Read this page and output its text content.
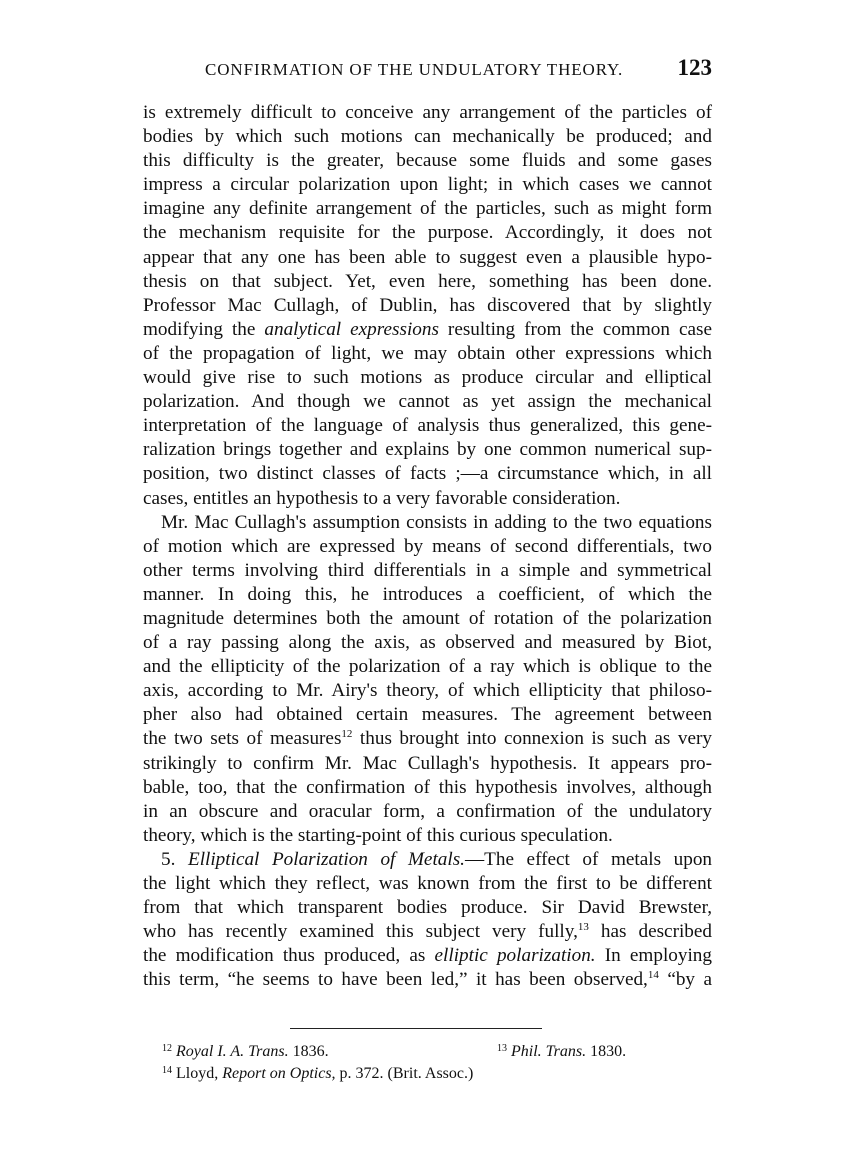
CONFIRMATION OF THE UNDULATORY THEORY. 123
is extremely difficult to conceive any arrangement of the particles of
bodies by which such motions can mechanically be produced; and
this difficulty is the greater, because some fluids and some gases
impress a circular polarization upon light; in which cases we cannot
imagine any definite arrangement of the particles, such as might form
the mechanism requisite for the purpose. Accordingly, it does not
appear that any one has been able to suggest even a plausible hypo-
thesis on that subject. Yet, even here, something has been done.
Professor Mac Cullagh, of Dublin, has discovered that by slightly
modifying the analytical expressions resulting from the common case
of the propagation of light, we may obtain other expressions which
would give rise to such motions as produce circular and elliptical
polarization. And though we cannot as yet assign the mechanical
interpretation of the language of analysis thus generalized, this gene-
ralization brings together and explains by one common numerical sup-
position, two distinct classes of facts ;—a circumstance which, in all
cases, entitles an hypothesis to a very favorable consideration.
Mr. Mac Cullagh's assumption consists in adding to the two equations
of motion which are expressed by means of second differentials, two
other terms involving third differentials in a simple and symmetrical
manner. In doing this, he introduces a coefficient, of which the
magnitude determines both the amount of rotation of the polarization
of a ray passing along the axis, as observed and measured by Biot,
and the ellipticity of the polarization of a ray which is oblique to the
axis, according to Mr. Airy's theory, of which ellipticity that philoso-
pher also had obtained certain measures. The agreement between
the two sets of measures$^{12}$ thus brought into connexion is such as very
strikingly to confirm Mr. Mac Cullagh's hypothesis. It appears pro-
bable, too, that the confirmation of this hypothesis involves, although
in an obscure and oracular form, a confirmation of the undulatory
theory, which is the starting-point of this curious speculation.
5. Elliptical Polarization of Metals.—The effect of metals upon
the light which they reflect, was known from the first to be different
from that which transparent bodies produce. Sir David Brewster,
who has recently examined this subject very fully,$^{13}$ has described
the modification thus produced, as elliptic polarization. In employing
this term, “he seems to have been led,” it has been observed,$^{14}$ “by a
$^{12}$ Royal I. A. Trans. 1836.	$^{13}$ Phil. Trans. 1830.
$^{14}$ Lloyd, Report on Optics, p. 372. (Brit. Assoc.)
